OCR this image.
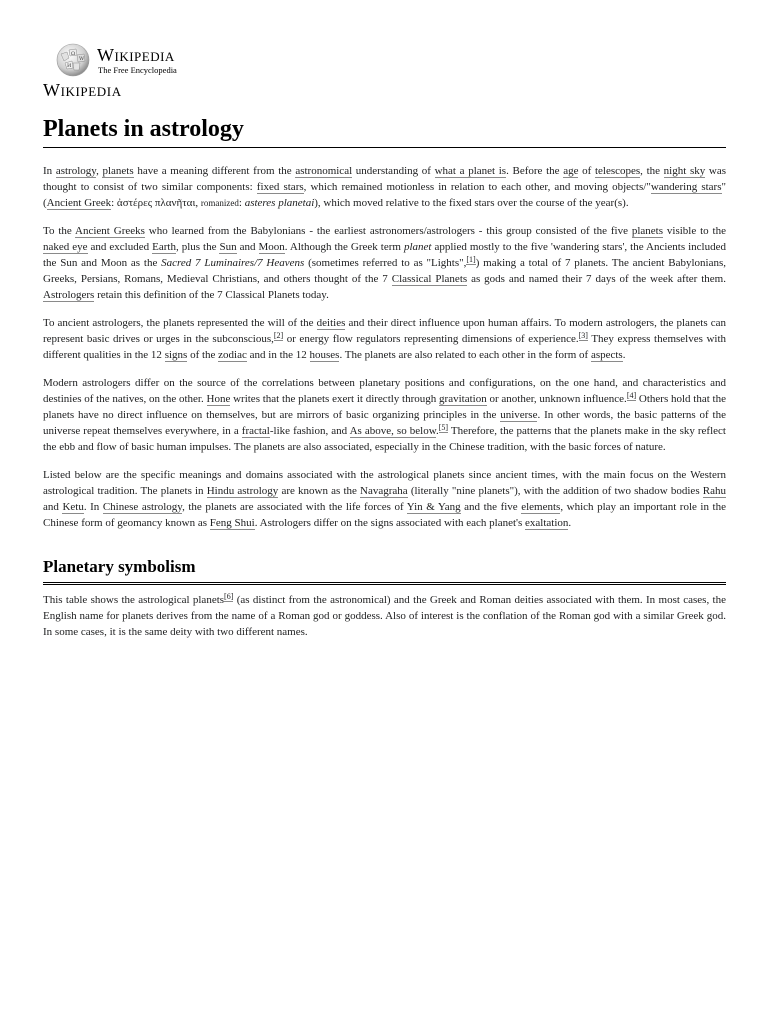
Ω
W
И
Wikipedia
The Free Encyclopedia
Wikipedia
Planets in astrology

In astrology, planets have a meaning different from the astronomical understanding of what a planet is. Before the age of telescopes, the night sky was thought to consist of two similar components: fixed stars, which remained motionless in relation to each other, and moving objects/"wandering stars" (Ancient Greek: ἀστέρες πλανῆται, romanized: asteres planetai), which moved relative to the fixed stars over the course of the year(s).

To the Ancient Greeks who learned from the Babylonians - the earliest astronomers/astrologers - this group consisted of the five planets visible to the naked eye and excluded Earth, plus the Sun and Moon. Although the Greek term planet applied mostly to the five 'wandering stars', the Ancients included the Sun and Moon as the Sacred 7 Luminaires/7 Heavens (sometimes referred to as "Lights",[1]) making a total of 7 planets. The ancient Babylonians, Greeks, Persians, Romans, Medieval Christians, and others thought of the 7 Classical Planets as gods and named their 7 days of the week after them. Astrologers retain this definition of the 7 Classical Planets today.

To ancient astrologers, the planets represented the will of the deities and their direct influence upon human affairs. To modern astrologers, the planets can represent basic drives or urges in the subconscious,[2] or energy flow regulators representing dimensions of experience.[3] They express themselves with different qualities in the 12 signs of the zodiac and in the 12 houses. The planets are also related to each other in the form of aspects.

Modern astrologers differ on the source of the correlations between planetary positions and configurations, on the one hand, and characteristics and destinies of the natives, on the other. Hone writes that the planets exert it directly through gravitation or another, unknown influence.[4] Others hold that the planets have no direct influence on themselves, but are mirrors of basic organizing principles in the universe. In other words, the basic patterns of the universe repeat themselves everywhere, in a fractal-like fashion, and As above, so below.[5] Therefore, the patterns that the planets make in the sky reflect the ebb and flow of basic human impulses. The planets are also associated, especially in the Chinese tradition, with the basic forces of nature.

Listed below are the specific meanings and domains associated with the astrological planets since ancient times, with the main focus on the Western astrological tradition. The planets in Hindu astrology are known as the Navagraha (literally "nine planets"), with the addition of two shadow bodies Rahu and Ketu. In Chinese astrology, the planets are associated with the life forces of Yin & Yang and the five elements, which play an important role in the Chinese form of geomancy known as Feng Shui. Astrologers differ on the signs associated with each planet's exaltation.

Planetary symbolism

This table shows the astrological planets[6] (as distinct from the astronomical) and the Greek and Roman deities associated with them. In most cases, the English name for planets derives from the name of a Roman god or goddess. Also of interest is the conflation of the Roman god with a similar Greek god. In some cases, it is the same deity with two different names.
